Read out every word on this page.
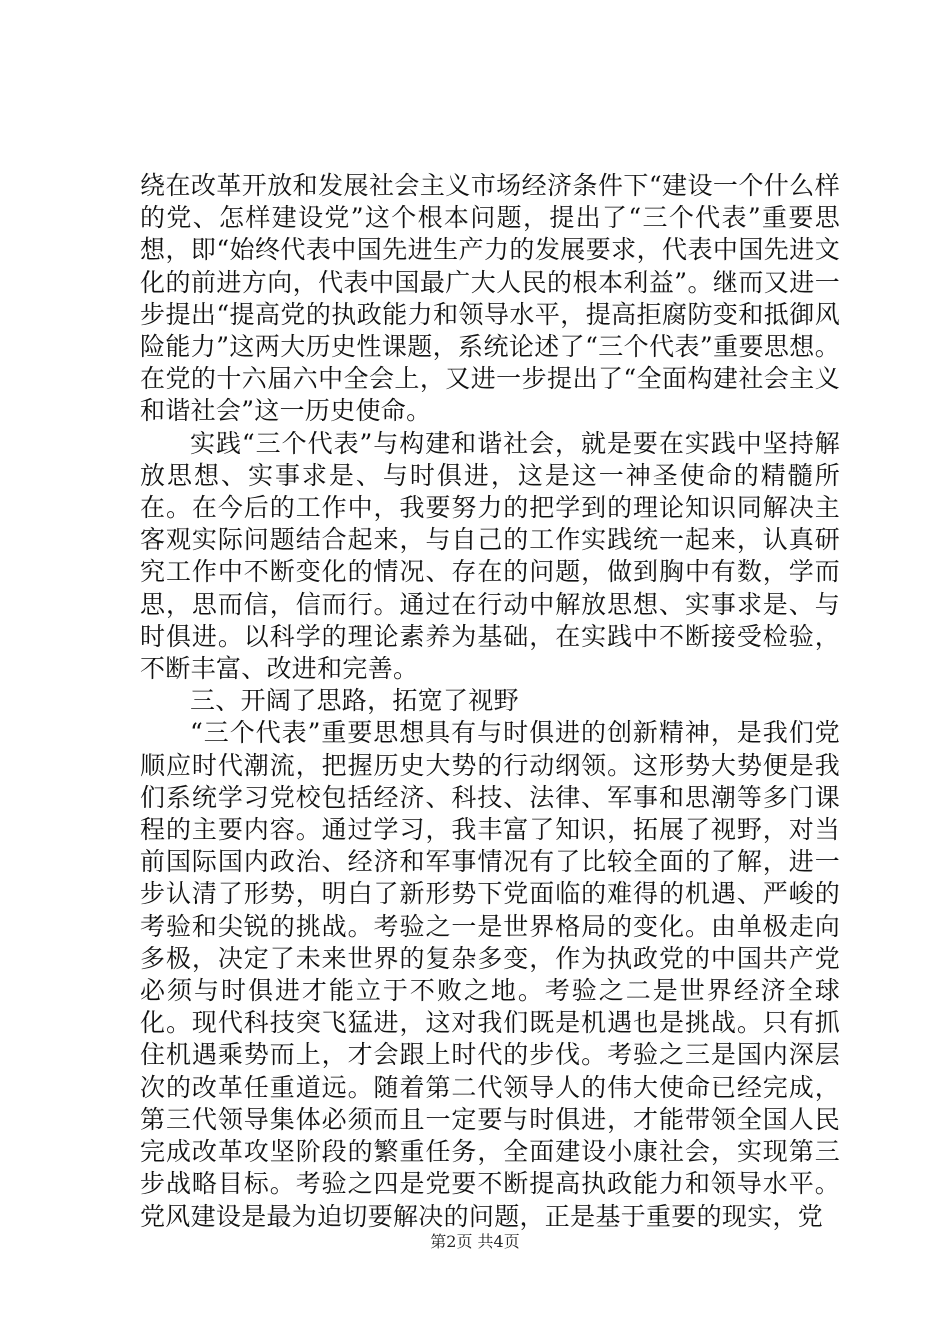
绕在改革开放和发展社会主义市场经济条件下“建设一个什么样的党、怎样建设党”这个根本问题，提出了“三个代表”重要思想，即“始终代表中国先进生产力的发展要求，代表中国先进文化的前进方向，代表中国最广大人民的根本利益”。继而又进一步提出“提高党的执政能力和领导水平，提高拒腐防变和抵御风险能力”这两大历史性课题，系统论述了“三个代表”重要思想。在党的十六届六中全会上，又进一步提出了“全面构建社会主义和谐社会”这一历史使命。

实践“三个代表”与构建和谐社会，就是要在实践中坚持解放思想、实事求是、与时俱进，这是这一神圣使命的精髓所在。在今后的工作中，我要努力的把学到的理论知识同解决主客观实际问题结合起来，与自己的工作实践统一起来，认真研究工作中不断变化的情况、存在的问题，做到胸中有数，学而思，思而信，信而行。通过在行动中解放思想、实事求是、与时俱进。以科学的理论素养为基础，在实践中不断接受检验，不断丰富、改进和完善。

三、开阔了思路，拓宽了视野

“三个代表”重要思想具有与时俱进的创新精神，是我们党顺应时代潮流，把握历史大势的行动纲领。这形势大势便是我们系统学习党校包括经济、科技、法律、军事和思潮等多门课程的主要内容。通过学习，我丰富了知识，拓展了视野，对当前国际国内政治、经济和军事情况有了比较全面的了解，进一步认清了形势，明白了新形势下党面临的难得的机遇、严峻的考验和尖锐的挑战。考验之一是世界格局的变化。由单极走向多极，决定了未来世界的复杂多变，作为执政党的中国共产党必须与时俱进才能立于不败之地。考验之二是世界经济全球化。现代科技突飞猛进，这对我们既是机遇也是挑战。只有抓住机遇乘势而上，才会跟上时代的步伐。考验之三是国内深层次的改革任重道远。随着第二代领导人的伟大使命已经完成，第三代领导集体必须而且一定要与时俱进，才能带领全国人民完成改革攻坚阶段的繁重任务，全面建设小康社会，实现第三步战略目标。考验之四是党要不断提高执政能力和领导水平。党风建设是最为迫切要解决的问题，正是基于重要的现实，党

第2页 共4页
